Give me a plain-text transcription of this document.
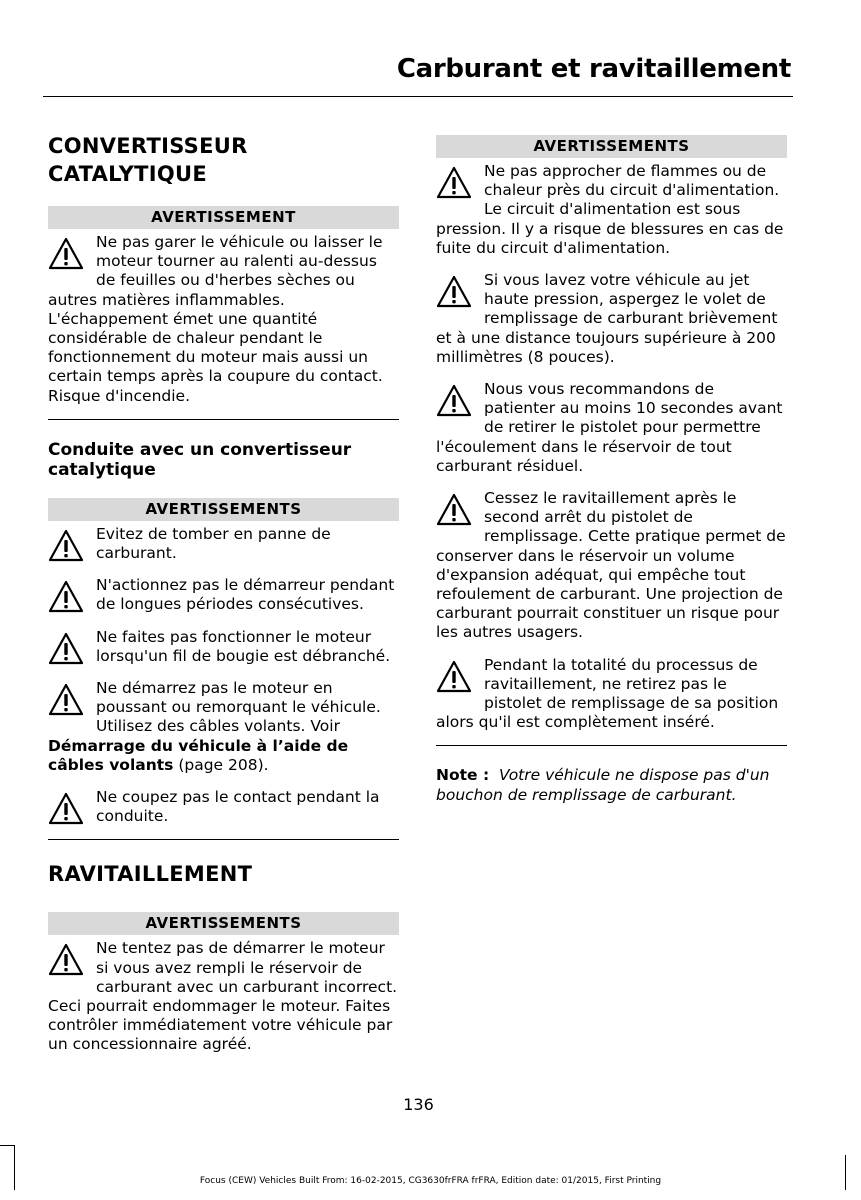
Carburant et ravitaillement
CONVERTISSEUR CATALYTIQUE
AVERTISSEMENT
Ne pas garer le véhicule ou laisser le moteur tourner au ralenti au-dessus de feuilles ou d'herbes sèches ou autres matières inflammables. L'échappement émet une quantité considérable de chaleur pendant le fonctionnement du moteur mais aussi un certain temps après la coupure du contact. Risque d'incendie.
Conduite avec un convertisseur catalytique
AVERTISSEMENTS
Evitez de tomber en panne de carburant.
N'actionnez pas le démarreur pendant de longues périodes consécutives.
Ne faites pas fonctionner le moteur lorsqu'un fil de bougie est débranché.
Ne démarrez pas le moteur en poussant ou remorquant le véhicule. Utilisez des câbles volants. Voir Démarrage du véhicule à l’aide de câbles volants (page 208).
Ne coupez pas le contact pendant la conduite.
RAVITAILLEMENT
AVERTISSEMENTS
Ne tentez pas de démarrer le moteur si vous avez rempli le réservoir de carburant avec un carburant incorrect. Ceci pourrait endommager le moteur. Faites contrôler immédiatement votre véhicule par un concessionnaire agréé.
AVERTISSEMENTS
Ne pas approcher de flammes ou de chaleur près du circuit d'alimentation. Le circuit d'alimentation est sous pression. Il y a risque de blessures en cas de fuite du circuit d'alimentation.
Si vous lavez votre véhicule au jet haute pression, aspergez le volet de remplissage de carburant brièvement et à une distance toujours supérieure à 200 millimètres (8 pouces).
Nous vous recommandons de patienter au moins 10 secondes avant de retirer le pistolet pour permettre l'écoulement dans le réservoir de tout carburant résiduel.
Cessez le ravitaillement après le second arrêt du pistolet de remplissage. Cette pratique permet de conserver dans le réservoir un volume d'expansion adéquat, qui empêche tout refoulement de carburant. Une projection de carburant pourrait constituer un risque pour les autres usagers.
Pendant la totalité du processus de ravitaillement, ne retirez pas le pistolet de remplissage de sa position alors qu'il est complètement inséré.
Note : Votre véhicule ne dispose pas d'un bouchon de remplissage de carburant.
136
Focus (CEW) Vehicles Built From: 16-02-2015, CG3630frFRA frFRA, Edition date: 01/2015, First Printing
